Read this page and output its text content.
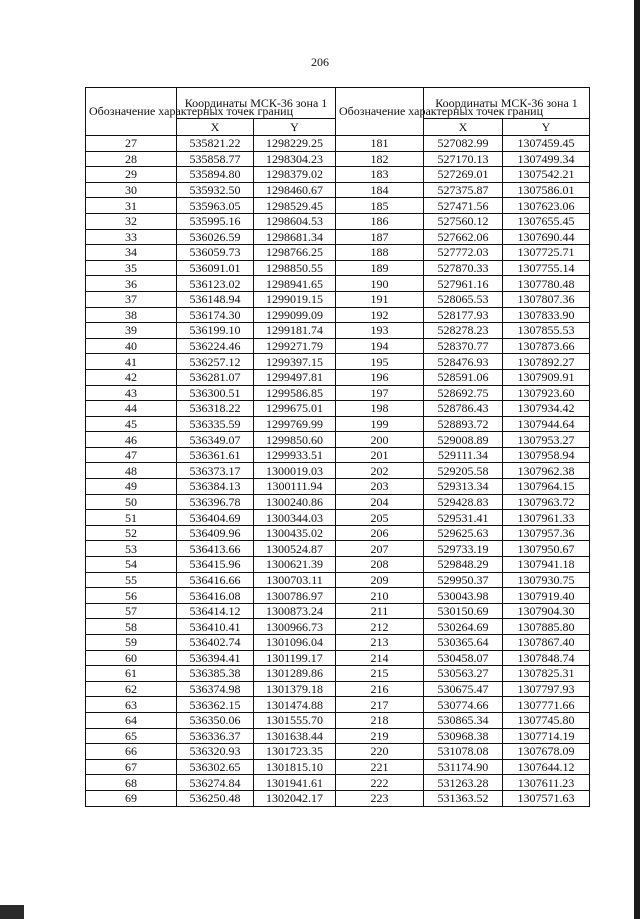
206
Обозначение характерных точек границ	Координаты МСК-36 зона 1		Обозначение характерных точек границ	Координаты МСК-36 зона 1	
	X	Y		X	Y
27	535821.22	1298229.25	181	527082.99	1307459.45
28	535858.77	1298304.23	182	527170.13	1307499.34
29	535894.80	1298379.02	183	527269.01	1307542.21
30	535932.50	1298460.67	184	527375.87	1307586.01
31	535963.05	1298529.45	185	527471.56	1307623.06
32	535995.16	1298604.53	186	527560.12	1307655.45
33	536026.59	1298681.34	187	527662.06	1307690.44
34	536059.73	1298766.25	188	527772.03	1307725.71
35	536091.01	1298850.55	189	527870.33	1307755.14
36	536123.02	1298941.65	190	527961.16	1307780.48
37	536148.94	1299019.15	191	528065.53	1307807.36
38	536174.30	1299099.09	192	528177.93	1307833.90
39	536199.10	1299181.74	193	528278.23	1307855.53
40	536224.46	1299271.79	194	528370.77	1307873.66
41	536257.12	1299397.15	195	528476.93	1307892.27
42	536281.07	1299497.81	196	528591.06	1307909.91
43	536300.51	1299586.85	197	528692.75	1307923.60
44	536318.22	1299675.01	198	528786.43	1307934.42
45	536335.59	1299769.99	199	528893.72	1307944.64
46	536349.07	1299850.60	200	529008.89	1307953.27
47	536361.61	1299933.51	201	529111.34	1307958.94
48	536373.17	1300019.03	202	529205.58	1307962.38
49	536384.13	1300111.94	203	529313.34	1307964.15
50	536396.78	1300240.86	204	529428.83	1307963.72
51	536404.69	1300344.03	205	529531.41	1307961.33
52	536409.96	1300435.02	206	529625.63	1307957.36
53	536413.66	1300524.87	207	529733.19	1307950.67
54	536415.96	1300621.39	208	529848.29	1307941.18
55	536416.66	1300703.11	209	529950.37	1307930.75
56	536416.08	1300786.97	210	530043.98	1307919.40
57	536414.12	1300873.24	211	530150.69	1307904.30
58	536410.41	1300966.73	212	530264.69	1307885.80
59	536402.74	1301096.04	213	530365.64	1307867.40
60	536394.41	1301199.17	214	530458.07	1307848.74
61	536385.38	1301289.86	215	530563.27	1307825.31
62	536374.98	1301379.18	216	530675.47	1307797.93
63	536362.15	1301474.88	217	530774.66	1307771.66
64	536350.06	1301555.70	218	530865.34	1307745.80
65	536336.37	1301638.44	219	530968.38	1307714.19
66	536320.93	1301723.35	220	531078.08	1307678.09
67	536302.65	1301815.10	221	531174.90	1307644.12
68	536274.84	1301941.61	222	531263.28	1307611.23
69	536250.48	1302042.17	223	531363.52	1307571.63
